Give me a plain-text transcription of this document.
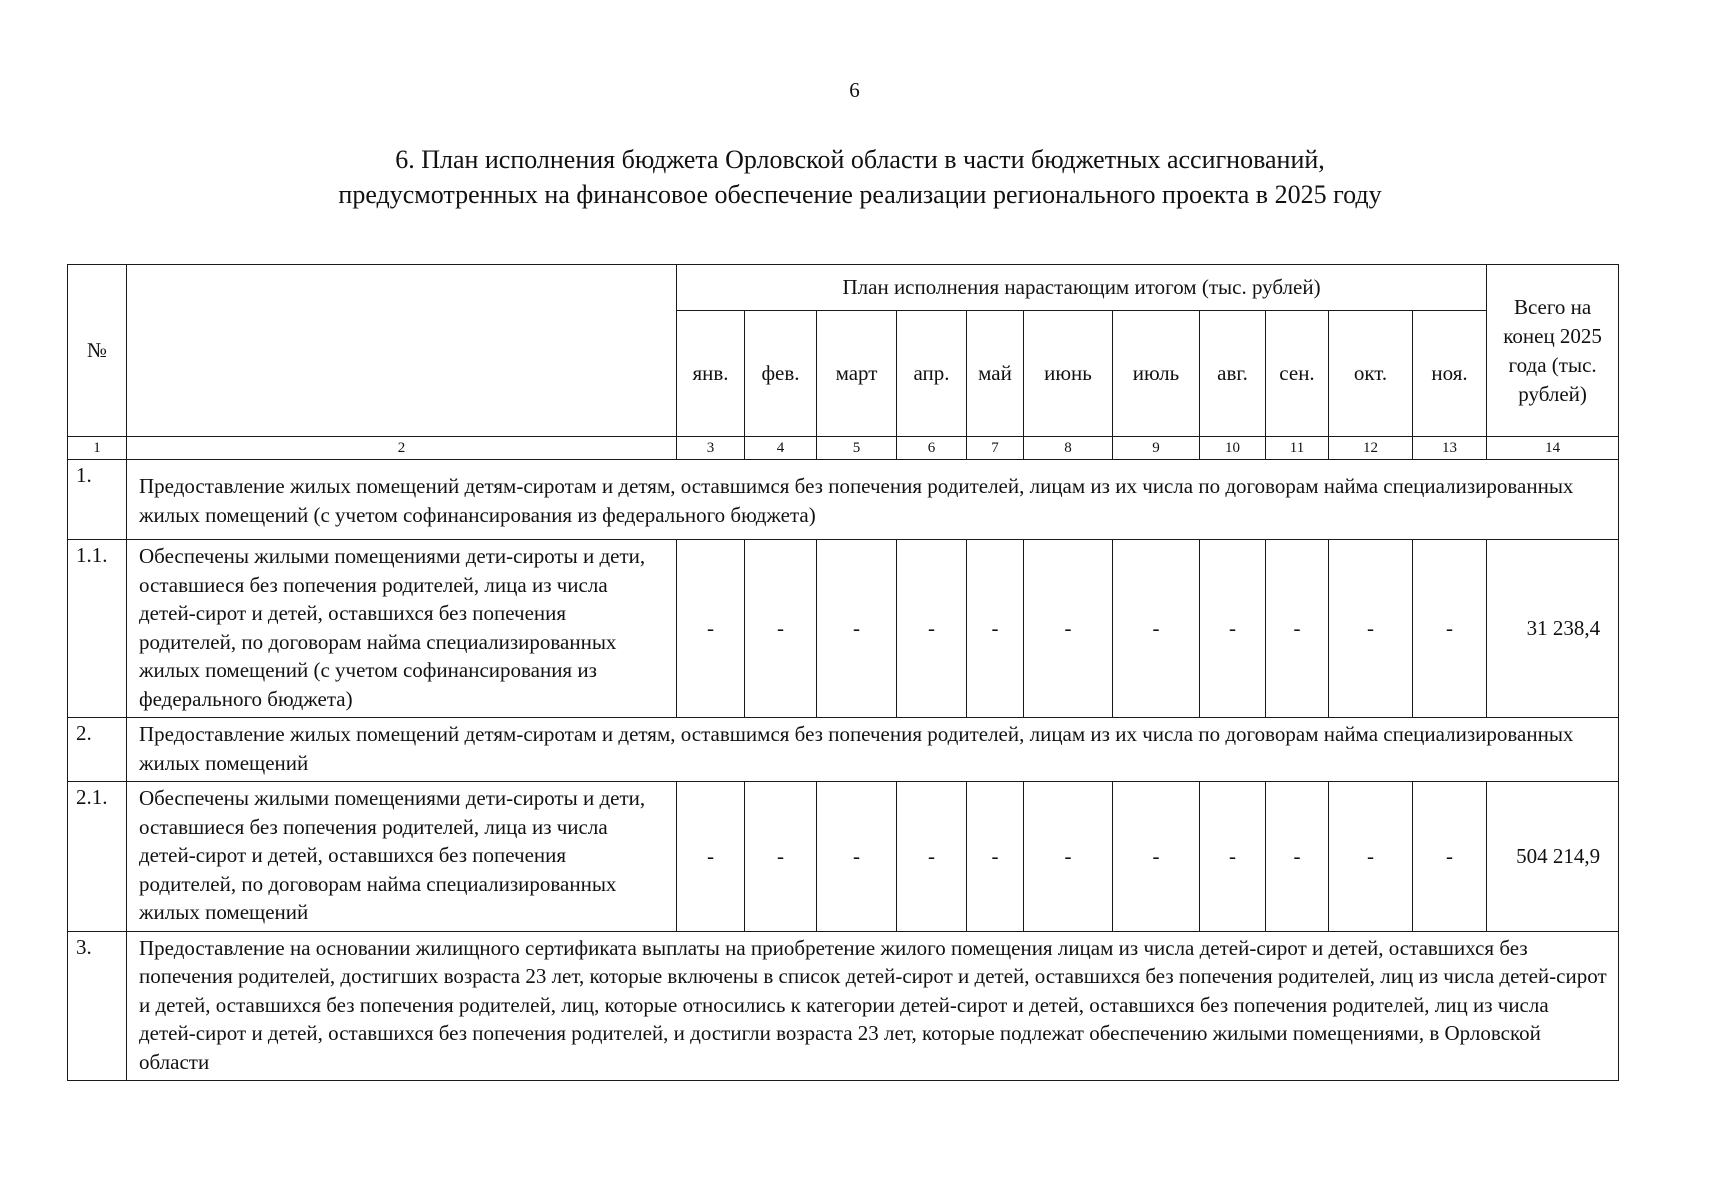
6
6. План исполнения бюджета Орловской области в части бюджетных ассигнований,
предусмотренных на финансовое обеспечение реализации регионального проекта в 2025 году
№		План исполнения нарастающим итогом (тыс. рублей)											Всего на конец 2025 года (тыс. рублей)
		янв.	фев.	март	апр.	май	июнь	июль	авг.	сен.	окт.	ноя.	
1	2	3	4	5	6	7	8	9	10	11	12	13	14
1.	Предоставление жилых помещений детям-сиротам и детям, оставшимся без попечения родителей, лицам из их числа по договорам найма специализированных жилых помещений (с учетом софинансирования из федерального бюджета)												
1.1.	Обеспечены жилыми помещениями дети-сироты и дети, оставшиеся без попечения родителей, лица из числа детей-сирот и детей, оставшихся без попечения родителей, по договорам найма специализированных жилых помещений (с учетом софинансирования из федерального бюджета)	-	-	-	-	-	-	-	-	-	-	-	31 238,4
2.	Предоставление жилых помещений детям-сиротам и детям, оставшимся без попечения родителей, лицам из их числа по договорам найма специализированных жилых помещений												
2.1.	Обеспечены жилыми помещениями дети-сироты и дети, оставшиеся без попечения родителей, лица из числа детей-сирот и детей, оставшихся без попечения родителей, по договорам найма специализированных жилых помещений	-	-	-	-	-	-	-	-	-	-	-	504 214,9
3.	Предоставление на основании жилищного сертификата выплаты на приобретение жилого помещения лицам из числа детей-сирот и детей, оставшихся без попечения родителей, достигших возраста 23 лет, которые включены в список детей-сирот и детей, оставшихся без попечения родителей, лиц из числа детей-сирот и детей, оставшихся без попечения родителей, лиц, которые относились к категории детей-сирот и детей, оставшихся без попечения родителей, лиц из числа детей-сирот и детей, оставшихся без попечения родителей, и достигли возраста 23 лет, которые подлежат обеспечению жилыми помещениями, в Орловской области												
